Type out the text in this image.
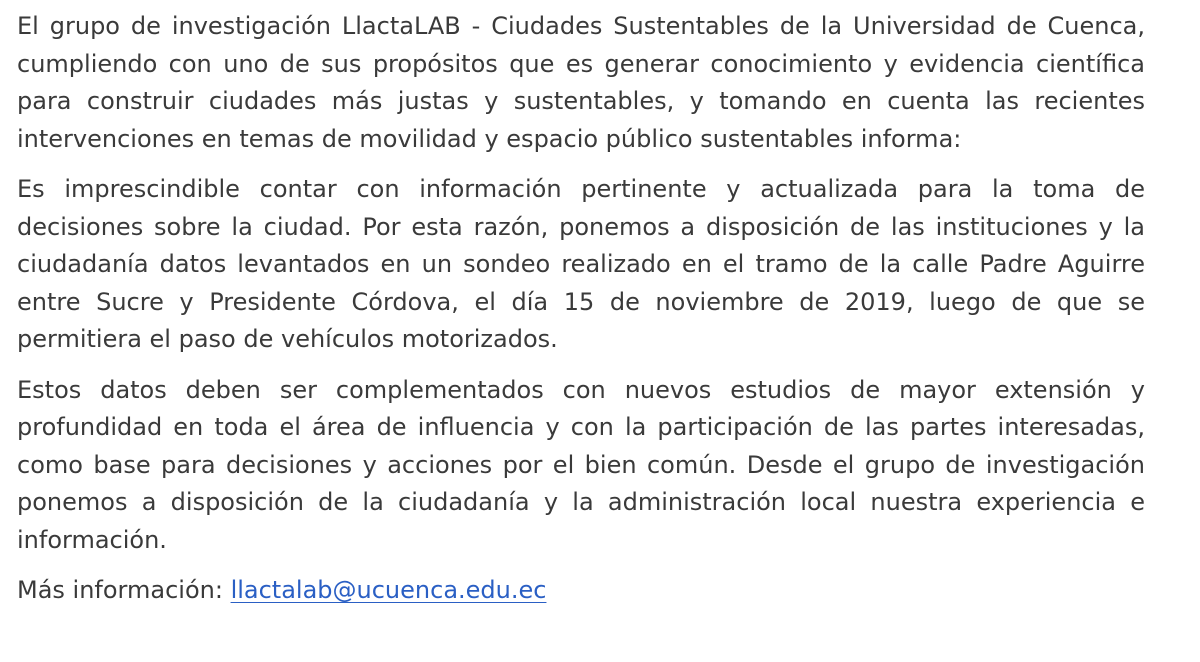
El grupo de investigación LlactaLAB - Ciudades Sustentables de la Universidad de Cuenca, cumpliendo con uno de sus propósitos que es generar conocimiento y evidencia científica para construir ciudades más justas y sustentables, y tomando en cuenta las recientes intervenciones en temas de movilidad y espacio público sustentables informa:

Es imprescindible contar con información pertinente y actualizada para la toma de decisiones sobre la ciudad. Por esta razón, ponemos a disposición de las instituciones y la ciudadanía datos levantados en un sondeo realizado en el tramo de la calle Padre Aguirre entre Sucre y Presidente Córdova, el día 15 de noviembre de 2019, luego de que se permitiera el paso de vehículos motorizados.

Estos datos deben ser complementados con nuevos estudios de mayor extensión y profundidad en toda el área de influencia y con la participación de las partes interesadas, como base para decisiones y acciones por el bien común. Desde el grupo de investigación ponemos a disposición de la ciudadanía y la administración local nuestra experiencia e información.

Más información: llactalab@ucuenca.edu.ec
